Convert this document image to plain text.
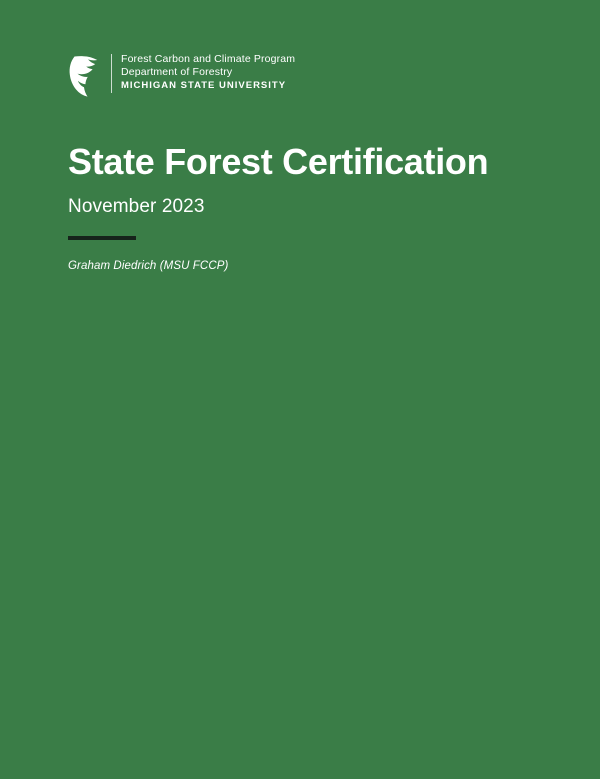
Forest Carbon and Climate Program
Department of Forestry
MICHIGAN STATE UNIVERSITY
State Forest Certification
November 2023
Graham Diedrich (MSU FCCP)
